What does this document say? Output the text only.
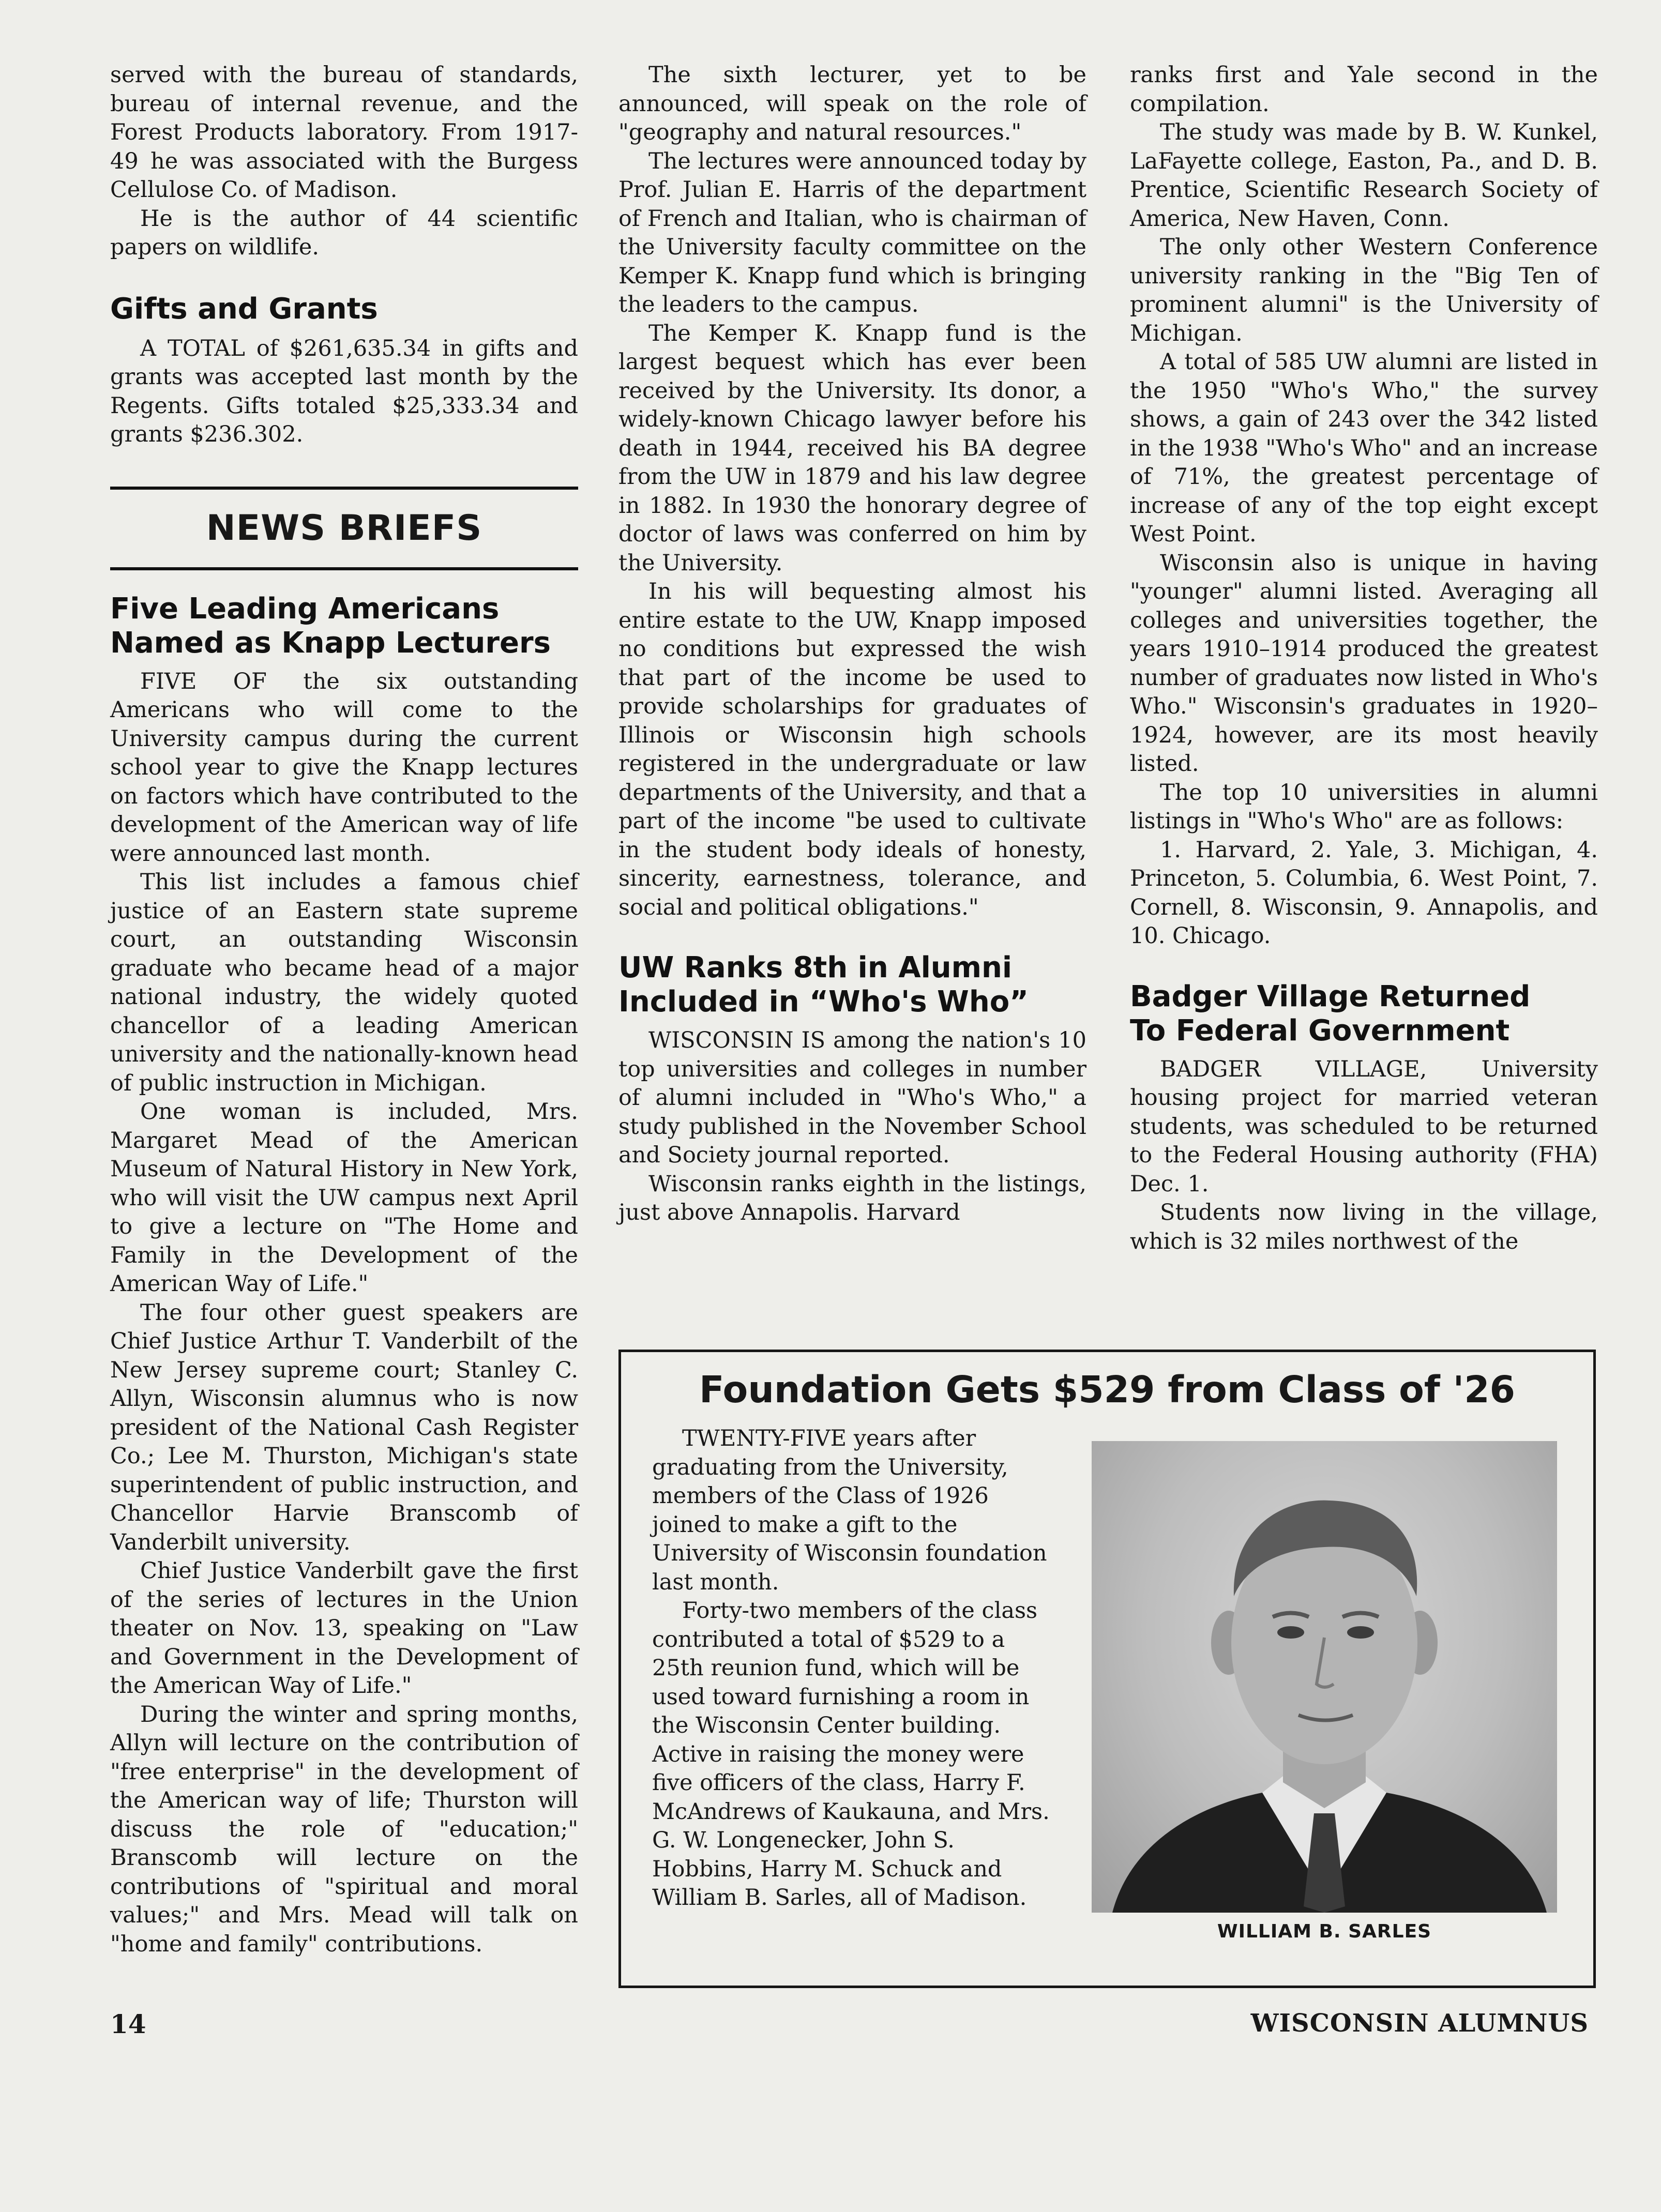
served with the bureau of standards, bureau of internal revenue, and the Forest Products laboratory. From 1917-49 he was associated with the Burgess Cellulose Co. of Madison.

He is the author of 44 scientific papers on wildlife.

Gifts and Grants

A TOTAL of $261,635.34 in gifts and grants was accepted last month by the Regents. Gifts totaled $25,333.34 and grants $236.302.

NEWS BRIEFS
Five Leading Americans
Named as Knapp Lecturers

FIVE OF the six outstanding Americans who will come to the University campus during the current school year to give the Knapp lectures on factors which have contributed to the development of the American way of life were announced last month.

This list includes a famous chief justice of an Eastern state supreme court, an outstanding Wisconsin graduate who became head of a major national industry, the widely quoted chancellor of a leading American university and the nationally-known head of public instruction in Michigan.

One woman is included, Mrs. Margaret Mead of the American Museum of Natural History in New York, who will visit the UW campus next April to give a lecture on "The Home and Family in the Development of the American Way of Life."

The four other guest speakers are Chief Justice Arthur T. Vanderbilt of the New Jersey supreme court; Stanley C. Allyn, Wisconsin alumnus who is now president of the National Cash Register Co.; Lee M. Thurston, Michigan's state superintendent of public instruction, and Chancellor Harvie Branscomb of Vanderbilt university.

Chief Justice Vanderbilt gave the first of the series of lectures in the Union theater on Nov. 13, speaking on "Law and Government in the Development of the American Way of Life."

During the winter and spring months, Allyn will lecture on the contribution of "free enterprise" in the development of the American way of life; Thurston will discuss the role of "education;" Branscomb will lecture on the contributions of "spiritual and moral values;" and Mrs. Mead will talk on "home and family" contributions.

The sixth lecturer, yet to be announced, will speak on the role of "geography and natural resources."

The lectures were announced today by Prof. Julian E. Harris of the department of French and Italian, who is chairman of the University faculty committee on the Kemper K. Knapp fund which is bringing the leaders to the campus.

The Kemper K. Knapp fund is the largest bequest which has ever been received by the University. Its donor, a widely-known Chicago lawyer before his death in 1944, received his BA degree from the UW in 1879 and his law degree in 1882. In 1930 the honorary degree of doctor of laws was conferred on him by the University.

In his will bequesting almost his entire estate to the UW, Knapp imposed no conditions but expressed the wish that part of the income be used to provide scholarships for graduates of Illinois or Wisconsin high schools registered in the undergraduate or law departments of the University, and that a part of the income "be used to cultivate in the student body ideals of honesty, sincerity, earnestness, tolerance, and social and political obligations."

UW Ranks 8th in Alumni
Included in “Who's Who”

WISCONSIN IS among the nation's 10 top universities and colleges in number of alumni included in "Who's Who," a study published in the November School and Society journal reported.

Wisconsin ranks eighth in the listings, just above Annapolis. Harvard

ranks first and Yale second in the compilation.

The study was made by B. W. Kunkel, LaFayette college, Easton, Pa., and D. B. Prentice, Scientific Research Society of America, New Haven, Conn.

The only other Western Conference university ranking in the "Big Ten of prominent alumni" is the University of Michigan.

A total of 585 UW alumni are listed in the 1950 "Who's Who," the survey shows, a gain of 243 over the 342 listed in the 1938 "Who's Who" and an increase of 71%, the greatest percentage of increase of any of the top eight except West Point.

Wisconsin also is unique in having "younger" alumni listed. Averaging all colleges and universities together, the years 1910–1914 produced the greatest number of graduates now listed in Who's Who." Wisconsin's graduates in 1920–1924, however, are its most heavily listed.

The top 10 universities in alumni listings in "Who's Who" are as follows:

1. Harvard, 2. Yale, 3. Michigan, 4. Princeton, 5. Columbia, 6. West Point, 7. Cornell, 8. Wisconsin, 9. Annapolis, and 10. Chicago.

Badger Village Returned
To Federal Government

BADGER VILLAGE, University housing project for married veteran students, was scheduled to be returned to the Federal Housing authority (FHA) Dec. 1.

Students now living in the village, which is 32 miles northwest of the

Foundation Gets $529 from Class of '26

TWENTY-FIVE years after graduating from the University, members of the Class of 1926 joined to make a gift to the University of Wisconsin foundation last month.

Forty-two members of the class contributed a total of $529 to a 25th reunion fund, which will be used toward furnishing a room in the Wisconsin Center building. Active in raising the money were five officers of the class, Harry F. McAndrews of Kaukauna, and Mrs. G. W. Longenecker, John S. Hobbins, Harry M. Schuck and William B. Sarles, all of Madison.

WILLIAM B. SARLES
14	WISCONSIN ALUMNUS
